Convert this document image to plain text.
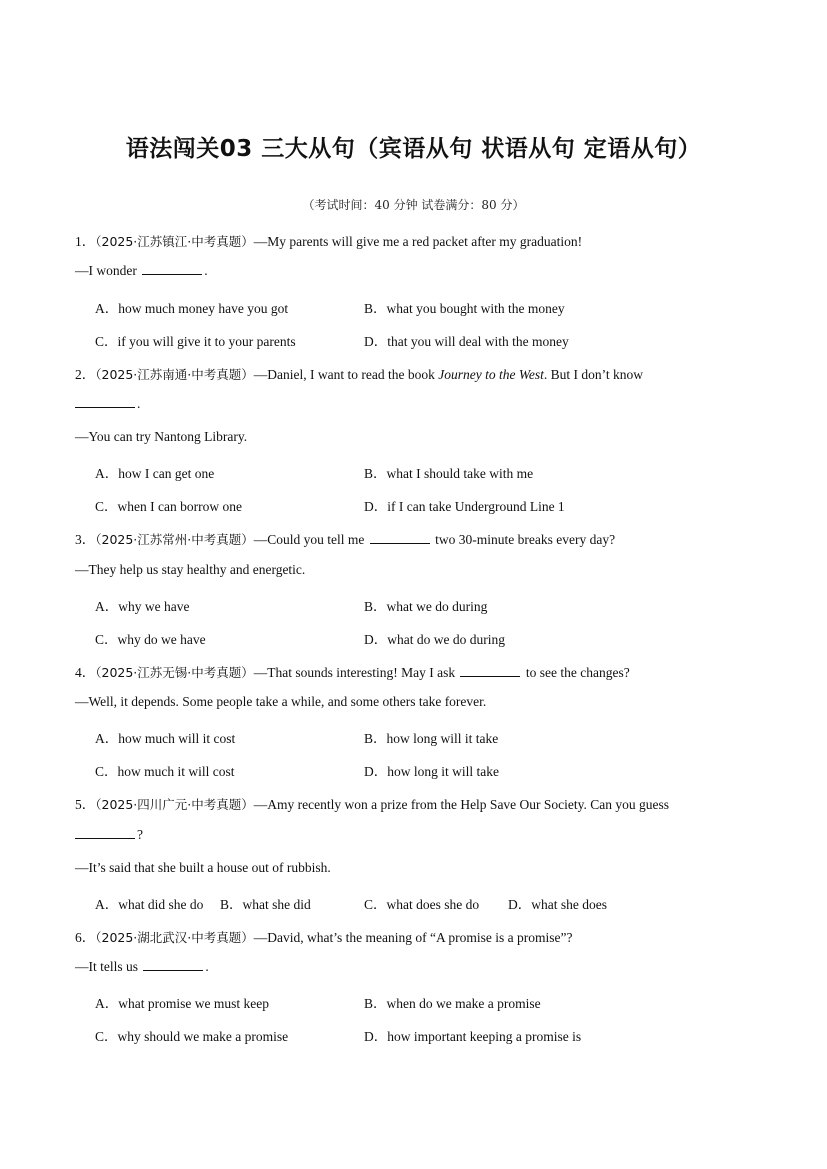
语法闯关03 三大从句（宾语从句 状语从句 定语从句）
（考试时间：40 分钟 试卷满分：80 分）
1．（2025·江苏镇江·中考真题）—My parents will give me a red packet after my graduation!
—I wonder	.
A．how much money have you got	B．what you bought with the money
C．if you will give it to your parents	D．that you will deal with the money
2．（2025·江苏南通·中考真题）—Daniel, I want to read the book Journey to the West. But I don’t know
.
—You can try Nantong Library.
A．how I can get one	B．what I should take with me
C．when I can borrow one	D．if I can take Underground Line 1
3．（2025·江苏常州·中考真题）—Could you tell me	two 30-minute breaks every day?
—They help us stay healthy and energetic.
A．why we have	B．what we do during
C．why do we have	D．what do we do during
4．（2025·江苏无锡·中考真题）—That sounds interesting! May I ask	to see the changes?
—Well, it depends. Some people take a while, and some others take forever.
A．how much will it cost	B．how long will it take
C．how much it will cost	D．how long it will take
5．（2025·四川广元·中考真题）—Amy recently won a prize from the Help Save Our Society. Can you guess
?
—It’s said that she built a house out of rubbish.
A．what did she do B．what she did	C．what does she do D．what she does
6．（2025·湖北武汉·中考真题）—David, what’s the meaning of “A promise is a promise”?
—It tells us	.
A．what promise we must keep	B．when do we make a promise
C．why should we make a promise	D．how important keeping a promise is
